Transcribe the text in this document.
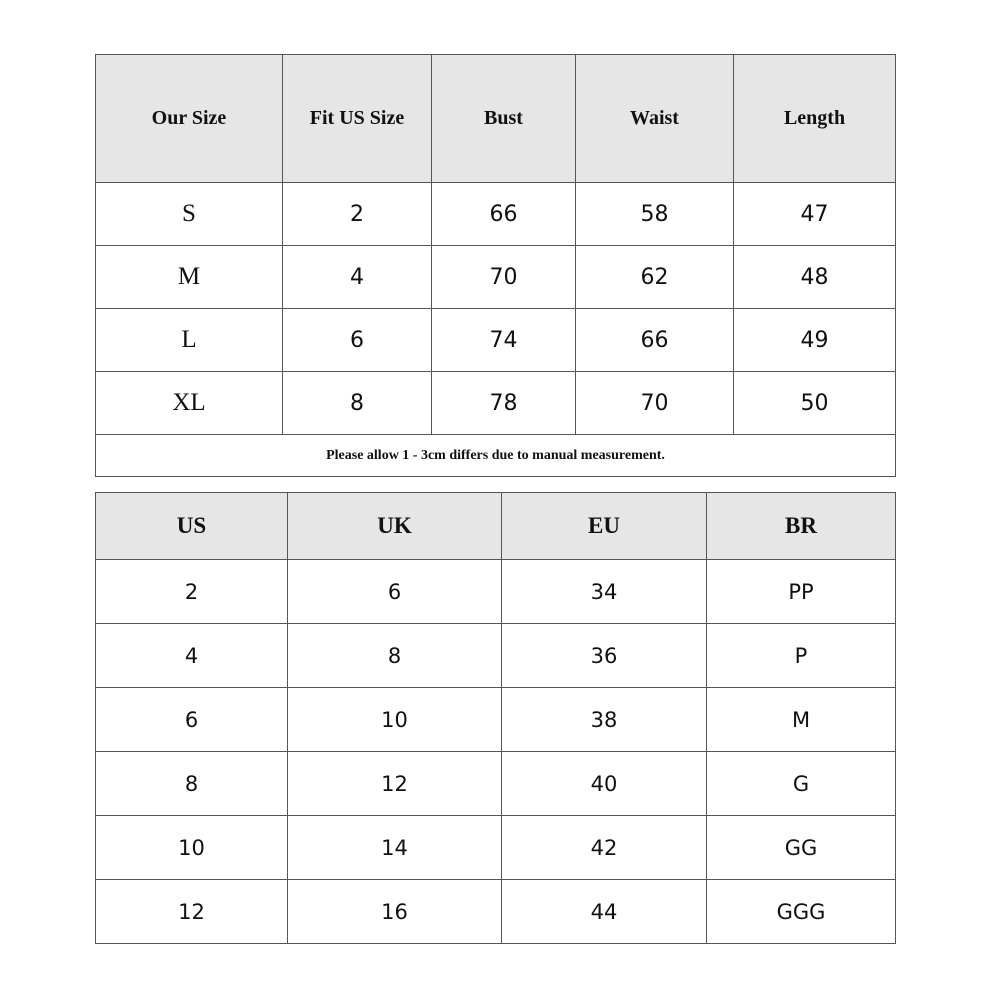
Our Size	Fit US Size	Bust	Waist	Length
S	2	66	58	47
M	4	70	62	48
L	6	74	66	49
XL	8	78	70	50
Please allow 1 - 3cm differs due to manual measurement.				
US	UK	EU	BR
2	6	34	PP
4	8	36	P
6	10	38	M
8	12	40	G
10	14	42	GG
12	16	44	GGG
